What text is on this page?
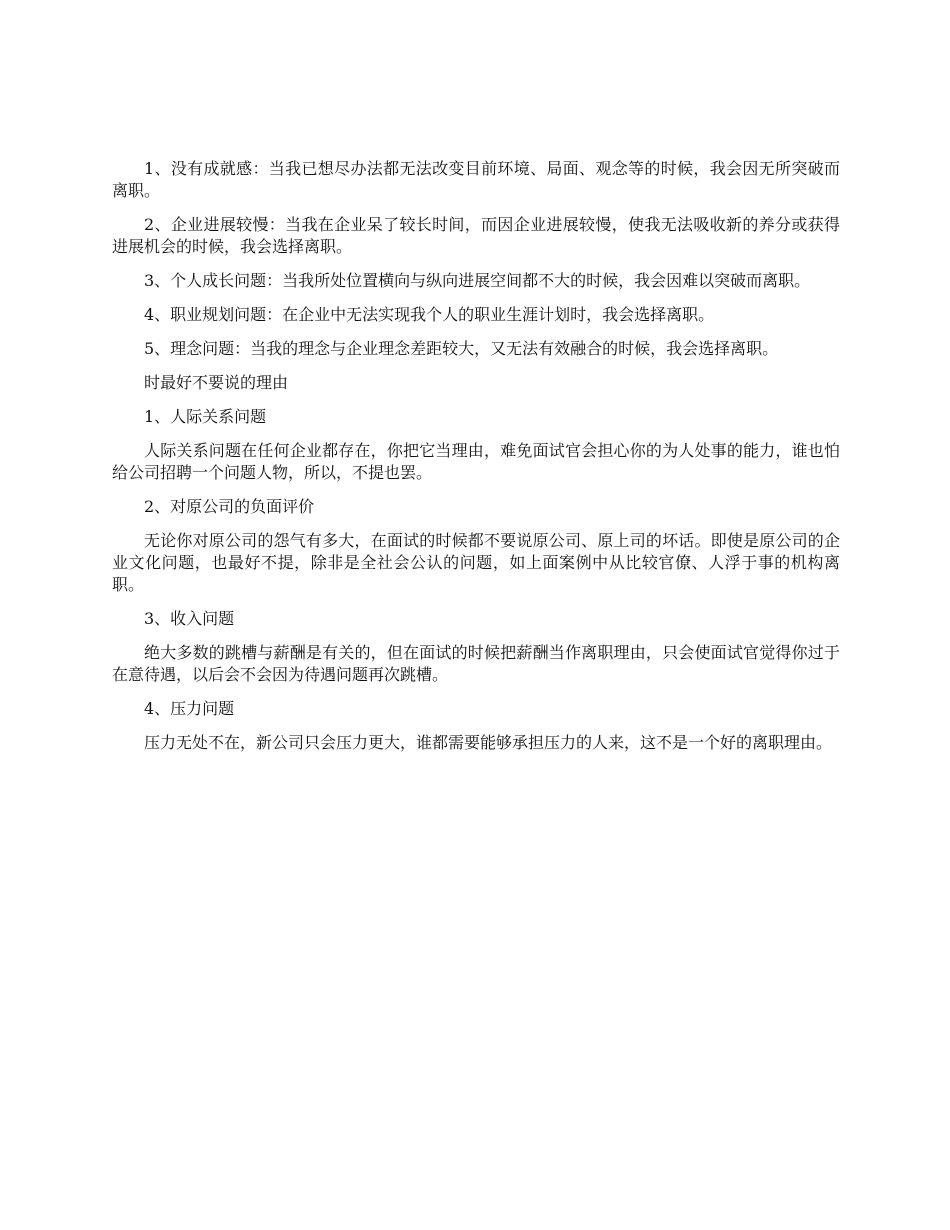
1、没有成就感：当我已想尽办法都无法改变目前环境、局面、观念等的时候，我会因无所突破而离职。

2、企业进展较慢：当我在企业呆了较长时间，而因企业进展较慢，使我无法吸收新的养分或获得进展机会的时候，我会选择离职。

3、个人成长问题：当我所处位置横向与纵向进展空间都不大的时候，我会因难以突破而离职。

4、职业规划问题：在企业中无法实现我个人的职业生涯计划时，我会选择离职。

5、理念问题：当我的理念与企业理念差距较大，又无法有效融合的时候，我会选择离职。

时最好不要说的理由

1、人际关系问题

人际关系问题在任何企业都存在，你把它当理由，难免面试官会担心你的为人处事的能力，谁也怕给公司招聘一个问题人物，所以，不提也罢。

2、对原公司的负面评价

无论你对原公司的怨气有多大，在面试的时候都不要说原公司、原上司的坏话。即使是原公司的企业文化问题，也最好不提，除非是全社会公认的问题，如上面案例中从比较官僚、人浮于事的机构离职。

3、收入问题

绝大多数的跳槽与薪酬是有关的，但在面试的时候把薪酬当作离职理由，只会使面试官觉得你过于在意待遇，以后会不会因为待遇问题再次跳槽。

4、压力问题

压力无处不在，新公司只会压力更大，谁都需要能够承担压力的人来，这不是一个好的离职理由。
